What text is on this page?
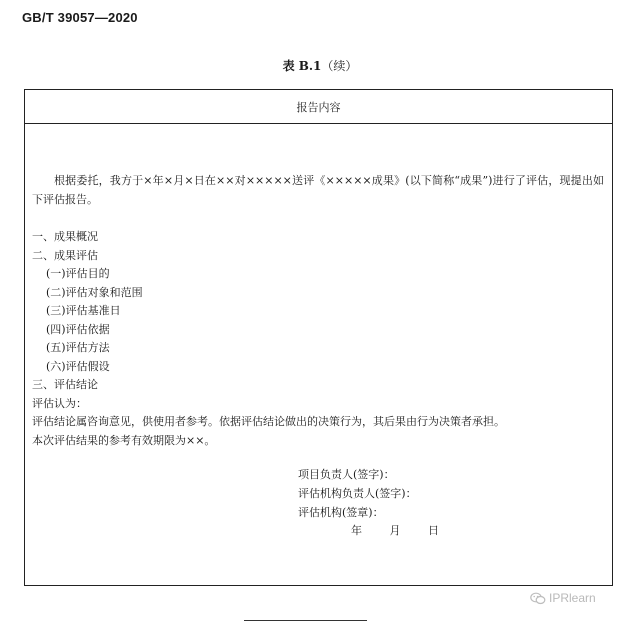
GB/T 39057—2020
表 B.1（续）
报告内容
根据委托，我方于×年×月×日在××对×××××送评《×××××成果》(以下简称“成果”)进行了评估，现提出如下评估报告。
一、成果概况
二、成果评估
(一)评估目的
(二)评估对象和范围
(三)评估基准日
(四)评估依据
(五)评估方法
(六)评估假设
三、评估结论
评估认为：
评估结论属咨询意见，供使用者参考。依据评估结论做出的决策行为，其后果由行为决策者承担。
本次评估结果的参考有效期限为××。
项目负责人(签字)：
评估机构负责人(签字)：
评估机构(签章)：
年 月 日
IPRlearn
